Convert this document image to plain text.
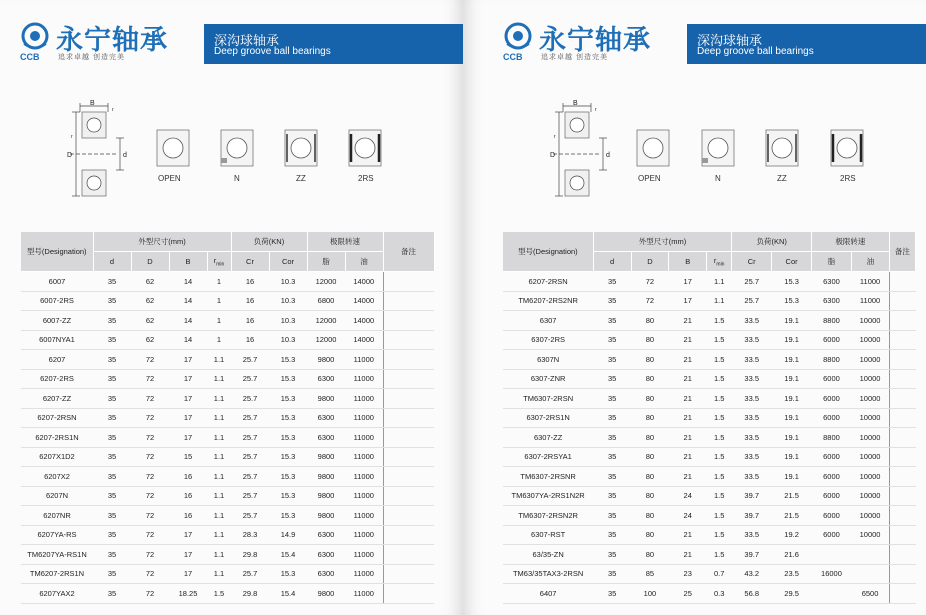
永宁轴承
CCB	追求卓越 创造完美
深沟球轴承
Deep groove ball bearings
B
r
r
D	d
OPEN	N	ZZ	2RS
型号(Designation)	外型尺寸(mm)				负荷(KN)		极限转速		备注
	d	D	B	$r_{min}$	Cr	Cor	脂	油	
6007	35	62	14	1	16	10.3	12000	14000	
6007-2RS	35	62	14	1	16	10.3	6800	14000	
6007-ZZ	35	62	14	1	16	10.3	12000	14000	
6007NYA1	35	62	14	1	16	10.3	12000	14000	
6207	35	72	17	1.1	25.7	15.3	9800	11000	
6207-2RS	35	72	17	1.1	25.7	15.3	6300	11000	
6207-ZZ	35	72	17	1.1	25.7	15.3	9800	11000	
6207-2RSN	35	72	17	1.1	25.7	15.3	6300	11000	
6207-2RS1N	35	72	17	1.1	25.7	15.3	6300	11000	
6207X1D2	35	72	15	1.1	25.7	15.3	9800	11000	
6207X2	35	72	16	1.1	25.7	15.3	9800	11000	
6207N	35	72	16	1.1	25.7	15.3	9800	11000	
6207NR	35	72	16	1.1	25.7	15.3	9800	11000	
6207YA-RS	35	72	17	1.1	28.3	14.9	6300	11000	
TM6207YA-RS1N	35	72	17	1.1	29.8	15.4	6300	11000	
TM6207-2RS1N	35	72	17	1.1	25.7	15.3	6300	11000	
6207YAX2	35	72	18.25	1.5	29.8	15.4	9800	11000	
永宁轴承
CCB	追求卓越 创造完美
深沟球轴承
Deep groove ball bearings
B
r
r
D	d
OPEN	N	ZZ	2RS
型号(Designation)	外型尺寸(mm)				负荷(KN)		极限转速		备注
	d	D	B	$r_{min}$	Cr	Cor	脂	油	
6207-2RSN	35	72	17	1.1	25.7	15.3	6300	11000	
TM6207-2RS2NR	35	72	17	1.1	25.7	15.3	6300	11000	
6307	35	80	21	1.5	33.5	19.1	8800	10000	
6307-2RS	35	80	21	1.5	33.5	19.1	6000	10000	
6307N	35	80	21	1.5	33.5	19.1	8800	10000	
6307-ZNR	35	80	21	1.5	33.5	19.1	6000	10000	
TM6307-2RSN	35	80	21	1.5	33.5	19.1	6000	10000	
6307-2RS1N	35	80	21	1.5	33.5	19.1	6000	10000	
6307-ZZ	35	80	21	1.5	33.5	19.1	8800	10000	
6307-2RSYA1	35	80	21	1.5	33.5	19.1	6000	10000	
TM6307-2RSNR	35	80	21	1.5	33.5	19.1	6000	10000	
TM6307YA-2RS1N2R	35	80	24	1.5	39.7	21.5	6000	10000	
TM6307-2RSN2R	35	80	24	1.5	39.7	21.5	6000	10000	
6307-RST	35	80	21	1.5	33.5	19.2	6000	10000	
63/35-ZN	35	80	21	1.5	39.7	21.6			
TM63/35TAX3-2RSN	35	85	23	0.7	43.2	23.5	16000		
6407	35	100	25	0.3	56.8	29.5		6500	
